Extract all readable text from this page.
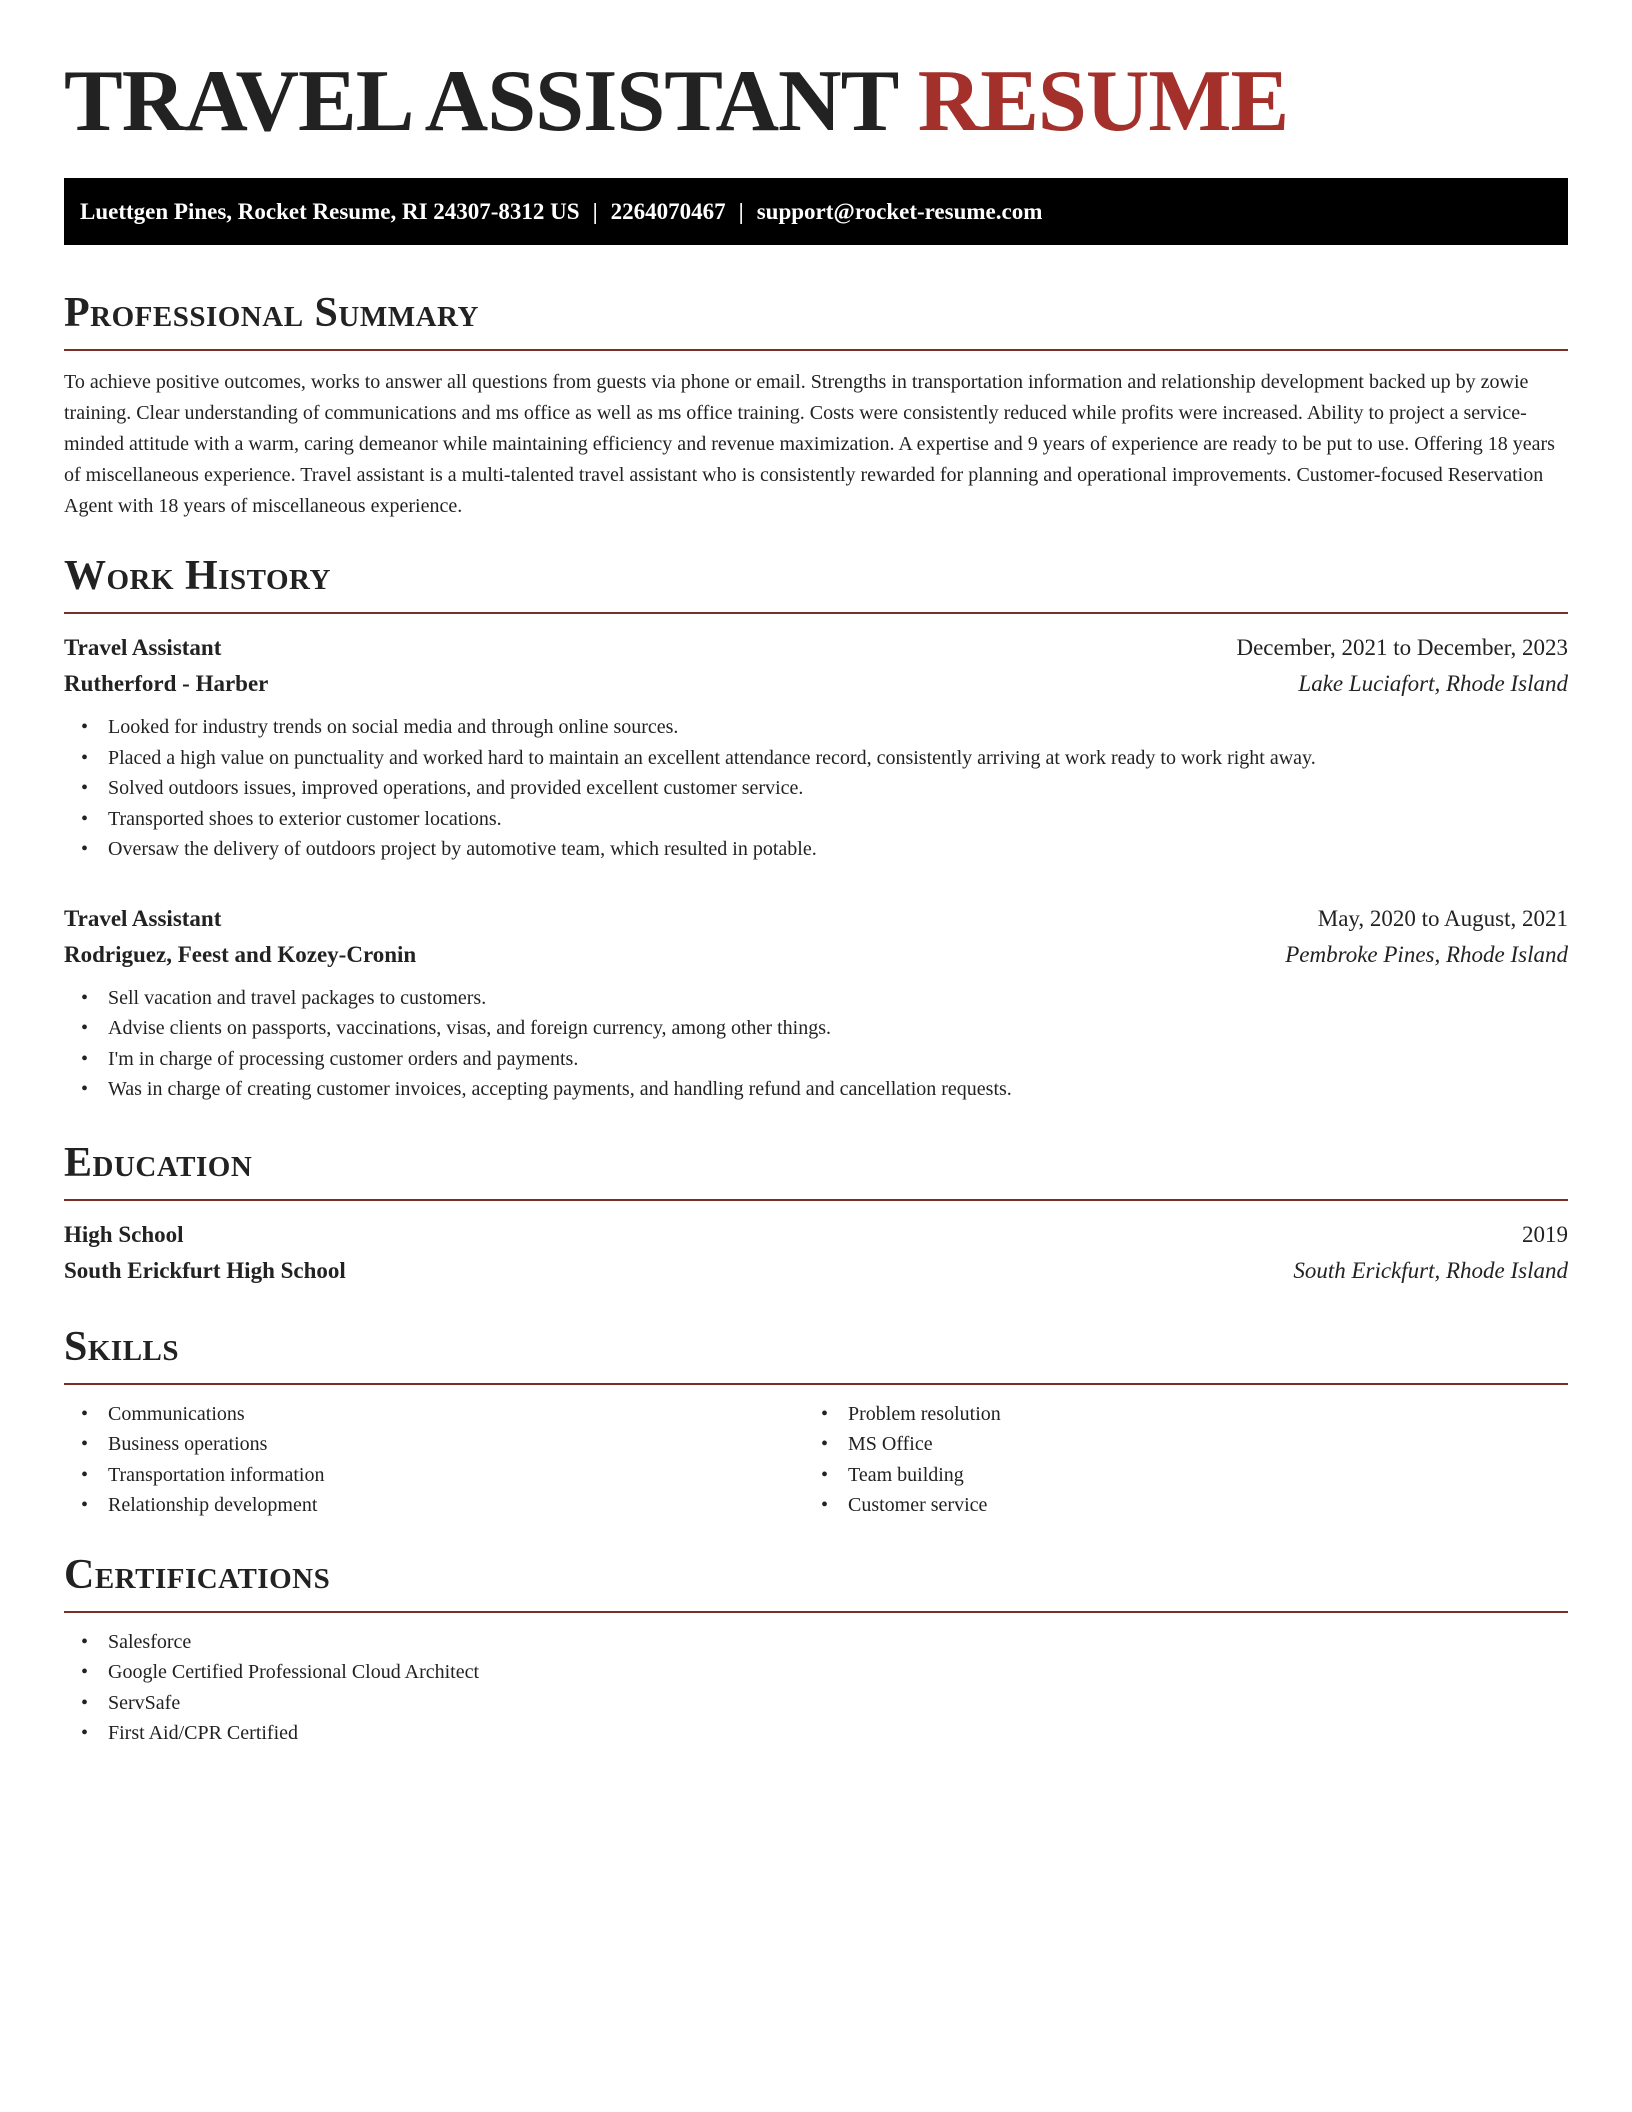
TRAVEL ASSISTANT RESUME
Luettgen Pines, Rocket Resume, RI 24307-8312 US | 2264070467 | support@rocket-resume.com
Professional Summary

To achieve positive outcomes, works to answer all questions from guests via phone or email. Strengths in transportation information and relationship development backed up by zowie training. Clear understanding of communications and ms office as well as ms office training. Costs were consistently reduced while profits were increased. Ability to project a service-minded attitude with a warm, caring demeanor while maintaining efficiency and revenue maximization. A expertise and 9 years of experience are ready to be put to use. Offering 18 years of miscellaneous experience. Travel assistant is a multi-talented travel assistant who is consistently rewarded for planning and operational improvements. Customer-focused Reservation Agent with 18 years of miscellaneous experience.

Work History
Travel Assistant	December, 2021 to December, 2023
Rutherford - Harber	Lake Luciafort, Rhode Island
• Looked for industry trends on social media and through online sources.
• Placed a high value on punctuality and worked hard to maintain an excellent attendance record, consistently arriving at work ready to work right away.
• Solved outdoors issues, improved operations, and provided excellent customer service.
• Transported shoes to exterior customer locations.
• Oversaw the delivery of outdoors project by automotive team, which resulted in potable.
Travel Assistant	May, 2020 to August, 2021
Rodriguez, Feest and Kozey-Cronin	Pembroke Pines, Rhode Island
• Sell vacation and travel packages to customers.
• Advise clients on passports, vaccinations, visas, and foreign currency, among other things.
• I'm in charge of processing customer orders and payments.
• Was in charge of creating customer invoices, accepting payments, and handling refund and cancellation requests.
Education
High School	2019
South Erickfurt High School	South Erickfurt, Rhode Island
Skills
• Communications
• Business operations
• Transportation information
• Relationship development
• Problem resolution
• MS Office
• Team building
• Customer service
Certifications
• Salesforce
• Google Certified Professional Cloud Architect
• ServSafe
• First Aid/CPR Certified
